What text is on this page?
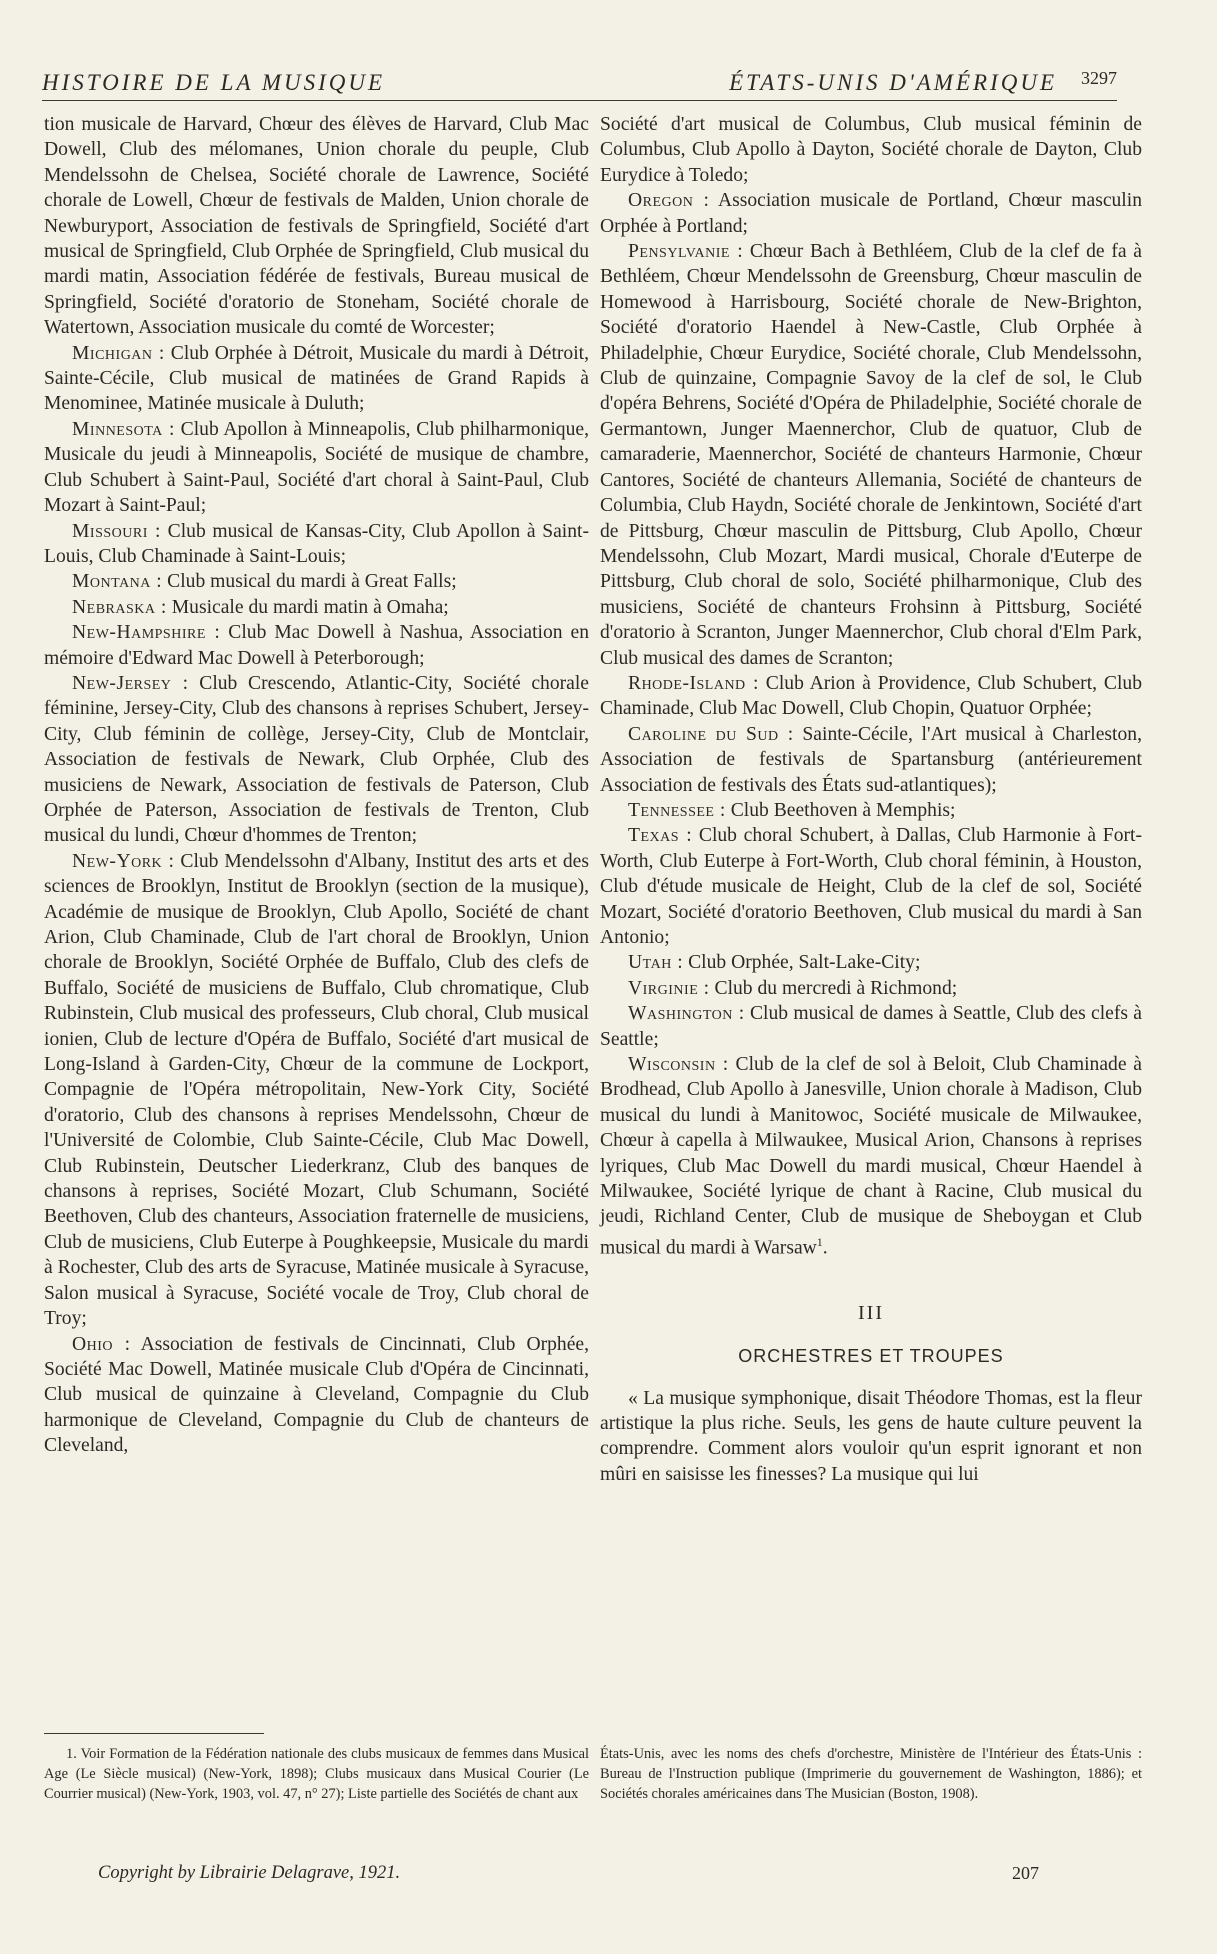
HISTOIRE DE LA MUSIQUE	ÉTATS-UNIS D'AMÉRIQUE 3297

tion musicale de Harvard, Chœur des élèves de Harvard, Club Mac Dowell, Club des mélomanes, Union chorale du peuple, Club Mendelssohn de Chelsea, Société chorale de Lawrence, Société chorale de Lowell, Chœur de festivals de Malden, Union chorale de Newburyport, Association de festivals de Springfield, Société d'art musical de Springfield, Club Orphée de Springfield, Club musical du mardi matin, Association fédérée de festivals, Bureau musical de Springfield, Société d'oratorio de Stoneham, Société chorale de Watertown, Association musicale du comté de Worcester;

Michigan : Club Orphée à Détroit, Musicale du mardi à Détroit, Sainte-Cécile, Club musical de matinées de Grand Rapids à Menominee, Matinée musicale à Duluth;

Minnesota : Club Apollon à Minneapolis, Club philharmonique, Musicale du jeudi à Minneapolis, Société de musique de chambre, Club Schubert à Saint-Paul, Société d'art choral à Saint-Paul, Club Mozart à Saint-Paul;

Missouri : Club musical de Kansas-City, Club Apollon à Saint-Louis, Club Chaminade à Saint-Louis;

Montana : Club musical du mardi à Great Falls;

Nebraska : Musicale du mardi matin à Omaha;

New-Hampshire : Club Mac Dowell à Nashua, Association en mémoire d'Edward Mac Dowell à Peterborough;

New-Jersey : Club Crescendo, Atlantic-City, Société chorale féminine, Jersey-City, Club des chansons à reprises Schubert, Jersey-City, Club féminin de collège, Jersey-City, Club de Montclair, Association de festivals de Newark, Club Orphée, Club des musiciens de Newark, Association de festivals de Paterson, Club Orphée de Paterson, Association de festivals de Trenton, Club musical du lundi, Chœur d'hommes de Trenton;

New-York : Club Mendelssohn d'Albany, Institut des arts et des sciences de Brooklyn, Institut de Brooklyn (section de la musique), Académie de musique de Brooklyn, Club Apollo, Société de chant Arion, Club Chaminade, Club de l'art choral de Brooklyn, Union chorale de Brooklyn, Société Orphée de Buffalo, Club des clefs de Buffalo, Société de musiciens de Buffalo, Club chromatique, Club Rubinstein, Club musical des professeurs, Club choral, Club musical ionien, Club de lecture d'Opéra de Buffalo, Société d'art musical de Long-Island à Garden-City, Chœur de la commune de Lockport, Compagnie de l'Opéra métropolitain, New-York City, Société d'oratorio, Club des chansons à reprises Mendelssohn, Chœur de l'Université de Colombie, Club Sainte-Cécile, Club Mac Dowell, Club Rubinstein, Deutscher Liederkranz, Club des banques de chansons à reprises, Société Mozart, Club Schumann, Société Beethoven, Club des chanteurs, Association fraternelle de musiciens, Club de musiciens, Club Euterpe à Poughkeepsie, Musicale du mardi à Rochester, Club des arts de Syracuse, Matinée musicale à Syracuse, Salon musical à Syracuse, Société vocale de Troy, Club choral de Troy;

Ohio : Association de festivals de Cincinnati, Club Orphée, Société Mac Dowell, Matinée musicale Club d'Opéra de Cincinnati, Club musical de quinzaine à Cleveland, Compagnie du Club harmonique de Cleveland, Compagnie du Club de chanteurs de Cleveland,

Société d'art musical de Columbus, Club musical féminin de Columbus, Club Apollo à Dayton, Société chorale de Dayton, Club Eurydice à Toledo;

Oregon : Association musicale de Portland, Chœur masculin Orphée à Portland;

Pensylvanie : Chœur Bach à Bethléem, Club de la clef de fa à Bethléem, Chœur Mendelssohn de Greensburg, Chœur masculin de Homewood à Harrisbourg, Société chorale de New-Brighton, Société d'oratorio Haendel à New-Castle, Club Orphée à Philadelphie, Chœur Eurydice, Société chorale, Club Mendelssohn, Club de quinzaine, Compagnie Savoy de la clef de sol, le Club d'opéra Behrens, Société d'Opéra de Philadelphie, Société chorale de Germantown, Junger Maennerchor, Club de quatuor, Club de camaraderie, Maennerchor, Société de chanteurs Harmonie, Chœur Cantores, Société de chanteurs Allemania, Société de chanteurs de Columbia, Club Haydn, Société chorale de Jenkintown, Société d'art de Pittsburg, Chœur masculin de Pittsburg, Club Apollo, Chœur Mendelssohn, Club Mozart, Mardi musical, Chorale d'Euterpe de Pittsburg, Club choral de solo, Société philharmonique, Club des musiciens, Société de chanteurs Frohsinn à Pittsburg, Société d'oratorio à Scranton, Junger Maennerchor, Club choral d'Elm Park, Club musical des dames de Scranton;

Rhode-Island : Club Arion à Providence, Club Schubert, Club Chaminade, Club Mac Dowell, Club Chopin, Quatuor Orphée;

Caroline du Sud : Sainte-Cécile, l'Art musical à Charleston, Association de festivals de Spartansburg (antérieurement Association de festivals des États sud-atlantiques);

Tennessee : Club Beethoven à Memphis;

Texas : Club choral Schubert, à Dallas, Club Harmonie à Fort-Worth, Club Euterpe à Fort-Worth, Club choral féminin, à Houston, Club d'étude musicale de Height, Club de la clef de sol, Société Mozart, Société d'oratorio Beethoven, Club musical du mardi à San Antonio;

Utah : Club Orphée, Salt-Lake-City;

Virginie : Club du mercredi à Richmond;

Washington : Club musical de dames à Seattle, Club des clefs à Seattle;

Wisconsin : Club de la clef de sol à Beloit, Club Chaminade à Brodhead, Club Apollo à Janesville, Union chorale à Madison, Club musical du lundi à Manitowoc, Société musicale de Milwaukee, Chœur à capella à Milwaukee, Musical Arion, Chansons à reprises lyriques, Club Mac Dowell du mardi musical, Chœur Haendel à Milwaukee, Société lyrique de chant à Racine, Club musical du jeudi, Richland Center, Club de musique de Sheboygan et Club musical du mardi à Warsaw$^1$.

III
ORCHESTRES ET TROUPES

« La musique symphonique, disait Théodore Thomas, est la fleur artistique la plus riche. Seuls, les gens de haute culture peuvent la comprendre. Comment alors vouloir qu'un esprit ignorant et non mûri en saisisse les finesses? La musique qui lui

1. Voir Formation de la Fédération nationale des clubs musicaux de femmes dans Musical Age (Le Siècle musical) (New-York, 1898); Clubs musicaux dans Musical Courier (Le Courrier musical) (New-York, 1903, vol. 47, n° 27); Liste partielle des Sociétés de chant aux

États-Unis, avec les noms des chefs d'orchestre, Ministère de l'Intérieur des États-Unis : Bureau de l'Instruction publique (Imprimerie du gouvernement de Washington, 1886); et Sociétés chorales américaines dans The Musician (Boston, 1908).

Copyright by Librairie Delagrave, 1921.	207
